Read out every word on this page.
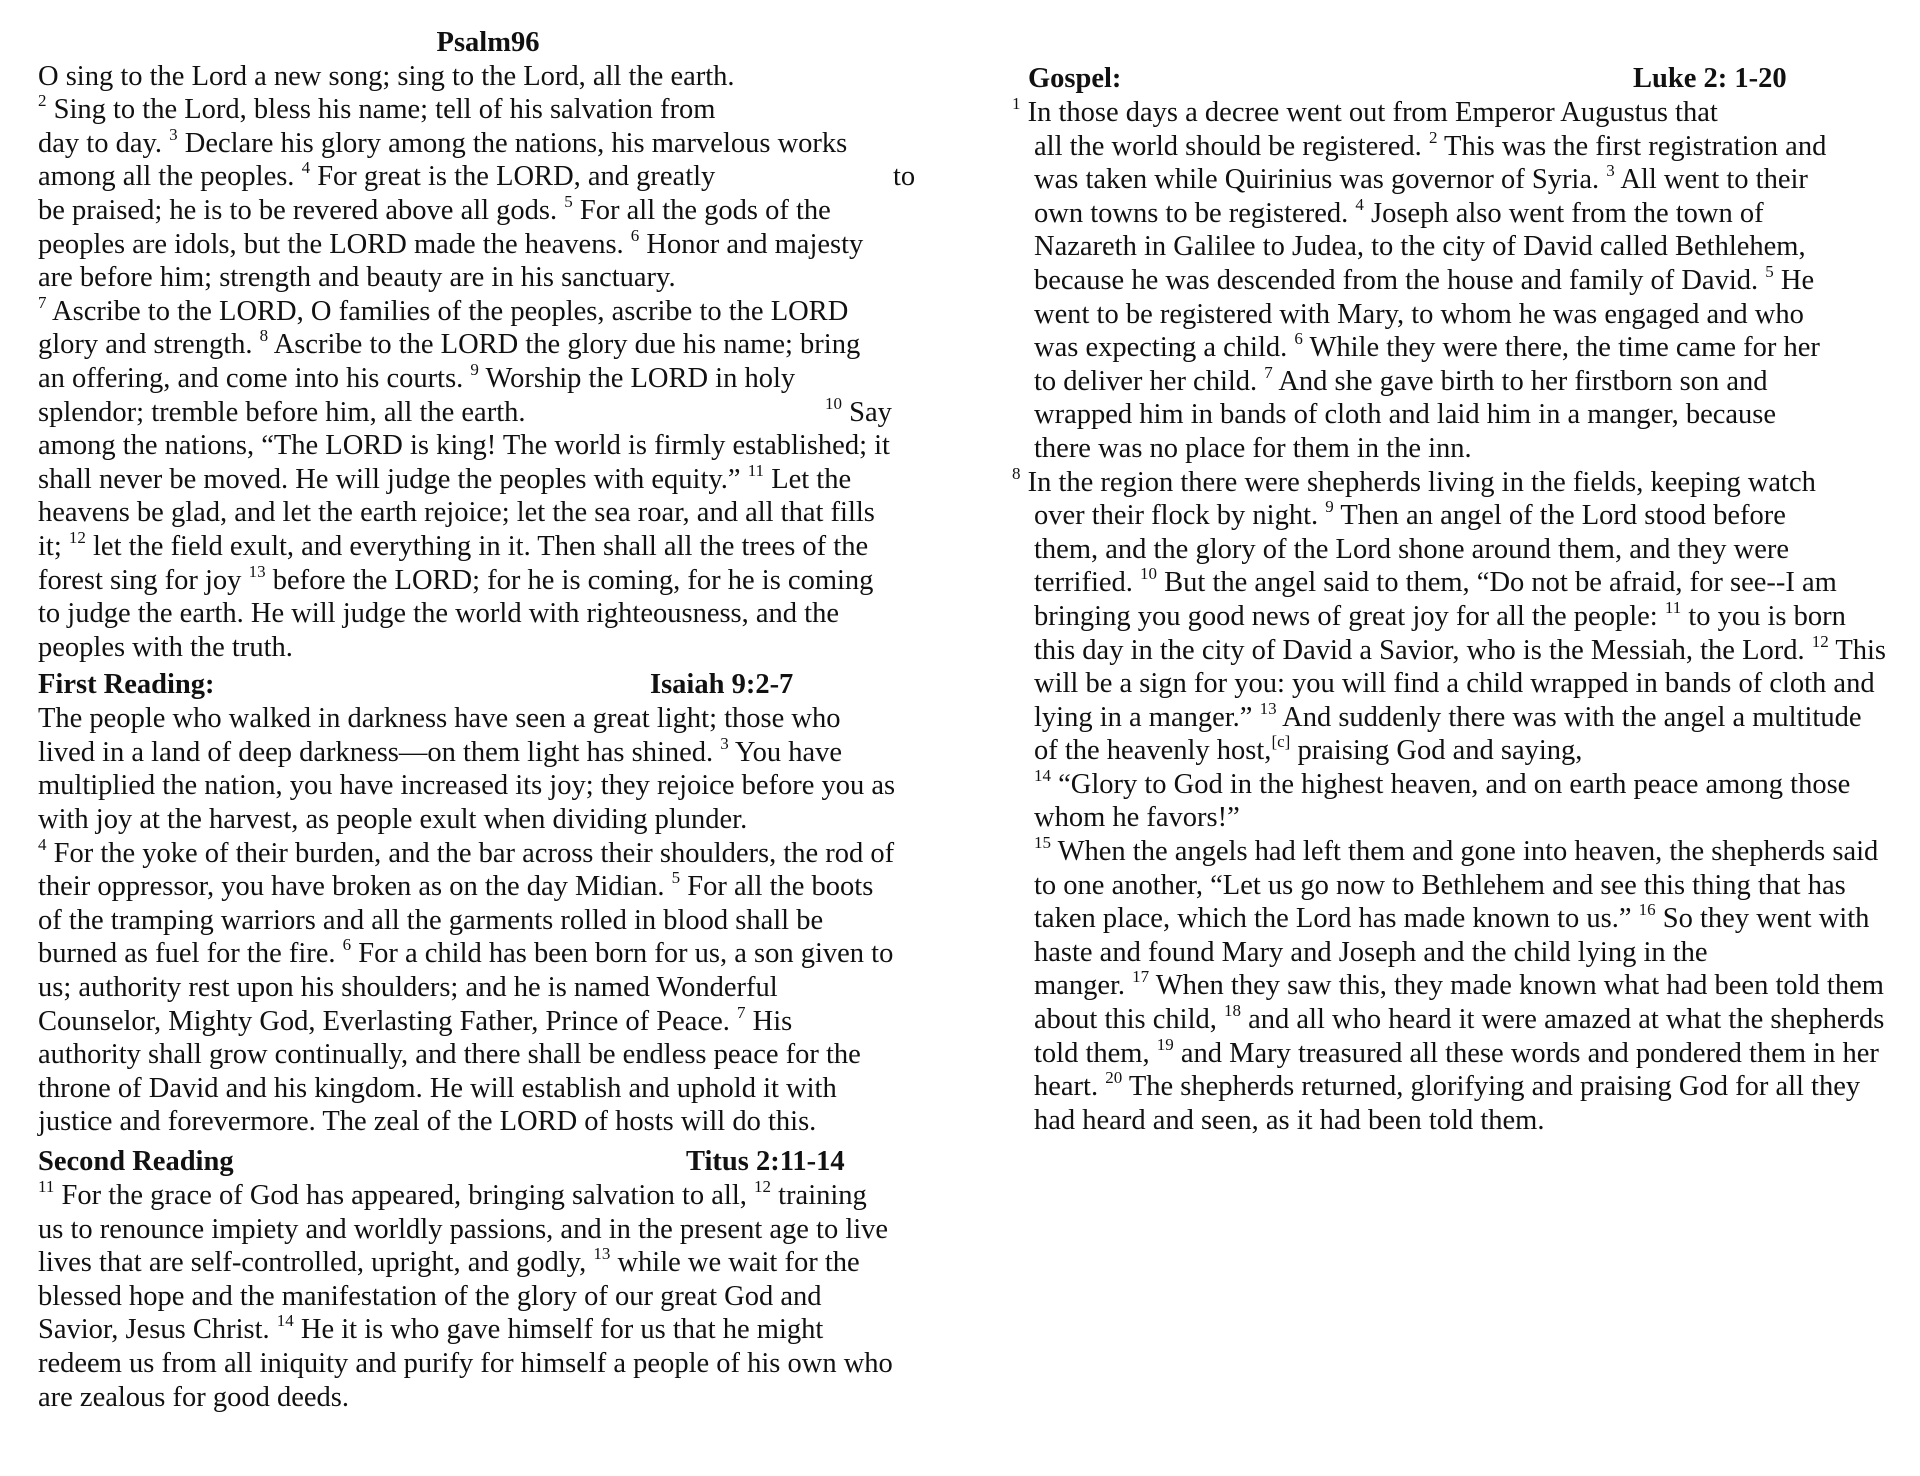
Psalm96
O sing to the Lord a new song; sing to the Lord, all the earth.
$^2$ Sing to the Lord, bless his name; tell of his salvation from
day to day. $^3$ Declare his glory among the nations, his marvelous works
among all the peoples. $^4$ For great is the LORD, and greatly	to
be praised; he is to be revered above all gods. $^5$ For all the gods of the
peoples are idols, but the LORD made the heavens. $^6$ Honor and majesty
are before him; strength and beauty are in his sanctuary.
$^7$ Ascribe to the LORD, O families of the peoples, ascribe to the LORD
glory and strength. $^8$ Ascribe to the LORD the glory due his name; bring
an offering, and come into his courts. $^9$ Worship the LORD in holy
splendor; tremble before him, all the earth.	$^{10}$ Say
among the nations, “The LORD is king! The world is firmly established; it
shall never be moved. He will judge the peoples with equity.” $^{11}$ Let the
heavens be glad, and let the earth rejoice; let the sea roar, and all that fills
it; $^{12}$ let the field exult, and everything in it. Then shall all the trees of the
forest sing for joy $^{13}$ before the LORD; for he is coming, for he is coming
to judge the earth. He will judge the world with righteousness, and the
peoples with the truth.
First Reading:	Isaiah 9:2-7
The people who walked in darkness have seen a great light; those who
lived in a land of deep darkness—on them light has shined. $^3$ You have
multiplied the nation, you have increased its joy; they rejoice before you as
with joy at the harvest, as people exult when dividing plunder.
$^4$ For the yoke of their burden, and the bar across their shoulders, the rod of
their oppressor, you have broken as on the day Midian. $^5$ For all the boots
of the tramping warriors and all the garments rolled in blood shall be
burned as fuel for the fire. $^6$ For a child has been born for us, a son given to
us; authority rest upon his shoulders; and he is named Wonderful
Counselor, Mighty God, Everlasting Father, Prince of Peace. $^7$ His
authority shall grow continually, and there shall be endless peace for the
throne of David and his kingdom. He will establish and uphold it with
justice and forevermore. The zeal of the LORD of hosts will do this.
Second Reading	Titus 2:11-14
$^{11}$ For the grace of God has appeared, bringing salvation to all, $^{12}$ training
us to renounce impiety and worldly passions, and in the present age to live
lives that are self-controlled, upright, and godly, $^{13}$ while we wait for the
blessed hope and the manifestation of the glory of our great God and
Savior, Jesus Christ. $^{14}$ He it is who gave himself for us that he might
redeem us from all iniquity and purify for himself a people of his own who
are zealous for good deeds.
Gospel:	Luke 2: 1-20
$^1$ In those days a decree went out from Emperor Augustus that
all the world should be registered. $^2$ This was the first registration and
was taken while Quirinius was governor of Syria. $^3$ All went to their
own towns to be registered. $^4$ Joseph also went from the town of
Nazareth in Galilee to Judea, to the city of David called Bethlehem,
because he was descended from the house and family of David. $^5$ He
went to be registered with Mary, to whom he was engaged and who
was expecting a child. $^6$ While they were there, the time came for her
to deliver her child. $^7$ And she gave birth to her firstborn son and
wrapped him in bands of cloth and laid him in a manger, because
there was no place for them in the inn.
$^8$ In the region there were shepherds living in the fields, keeping watch
over their flock by night. $^9$ Then an angel of the Lord stood before
them, and the glory of the Lord shone around them, and they were
terrified. $^{10}$ But the angel said to them, “Do not be afraid, for see--I am
bringing you good news of great joy for all the people: $^{11}$ to you is born
this day in the city of David a Savior, who is the Messiah, the Lord. $^{12}$ This
will be a sign for you: you will find a child wrapped in bands of cloth and
lying in a manger.” $^{13}$ And suddenly there was with the angel a multitude
of the heavenly host,[c] praising God and saying,
$^{14}$ “Glory to God in the highest heaven, and on earth peace among those
whom he favors!”
$^{15}$ When the angels had left them and gone into heaven, the shepherds said
to one another, “Let us go now to Bethlehem and see this thing that has
taken place, which the Lord has made known to us.” $^{16}$ So they went with
haste and found Mary and Joseph and the child lying in the
manger. $^{17}$ When they saw this, they made known what had been told them
about this child, $^{18}$ and all who heard it were amazed at what the shepherds
told them, $^{19}$ and Mary treasured all these words and pondered them in her
heart. $^{20}$ The shepherds returned, glorifying and praising God for all they
had heard and seen, as it had been told them.
